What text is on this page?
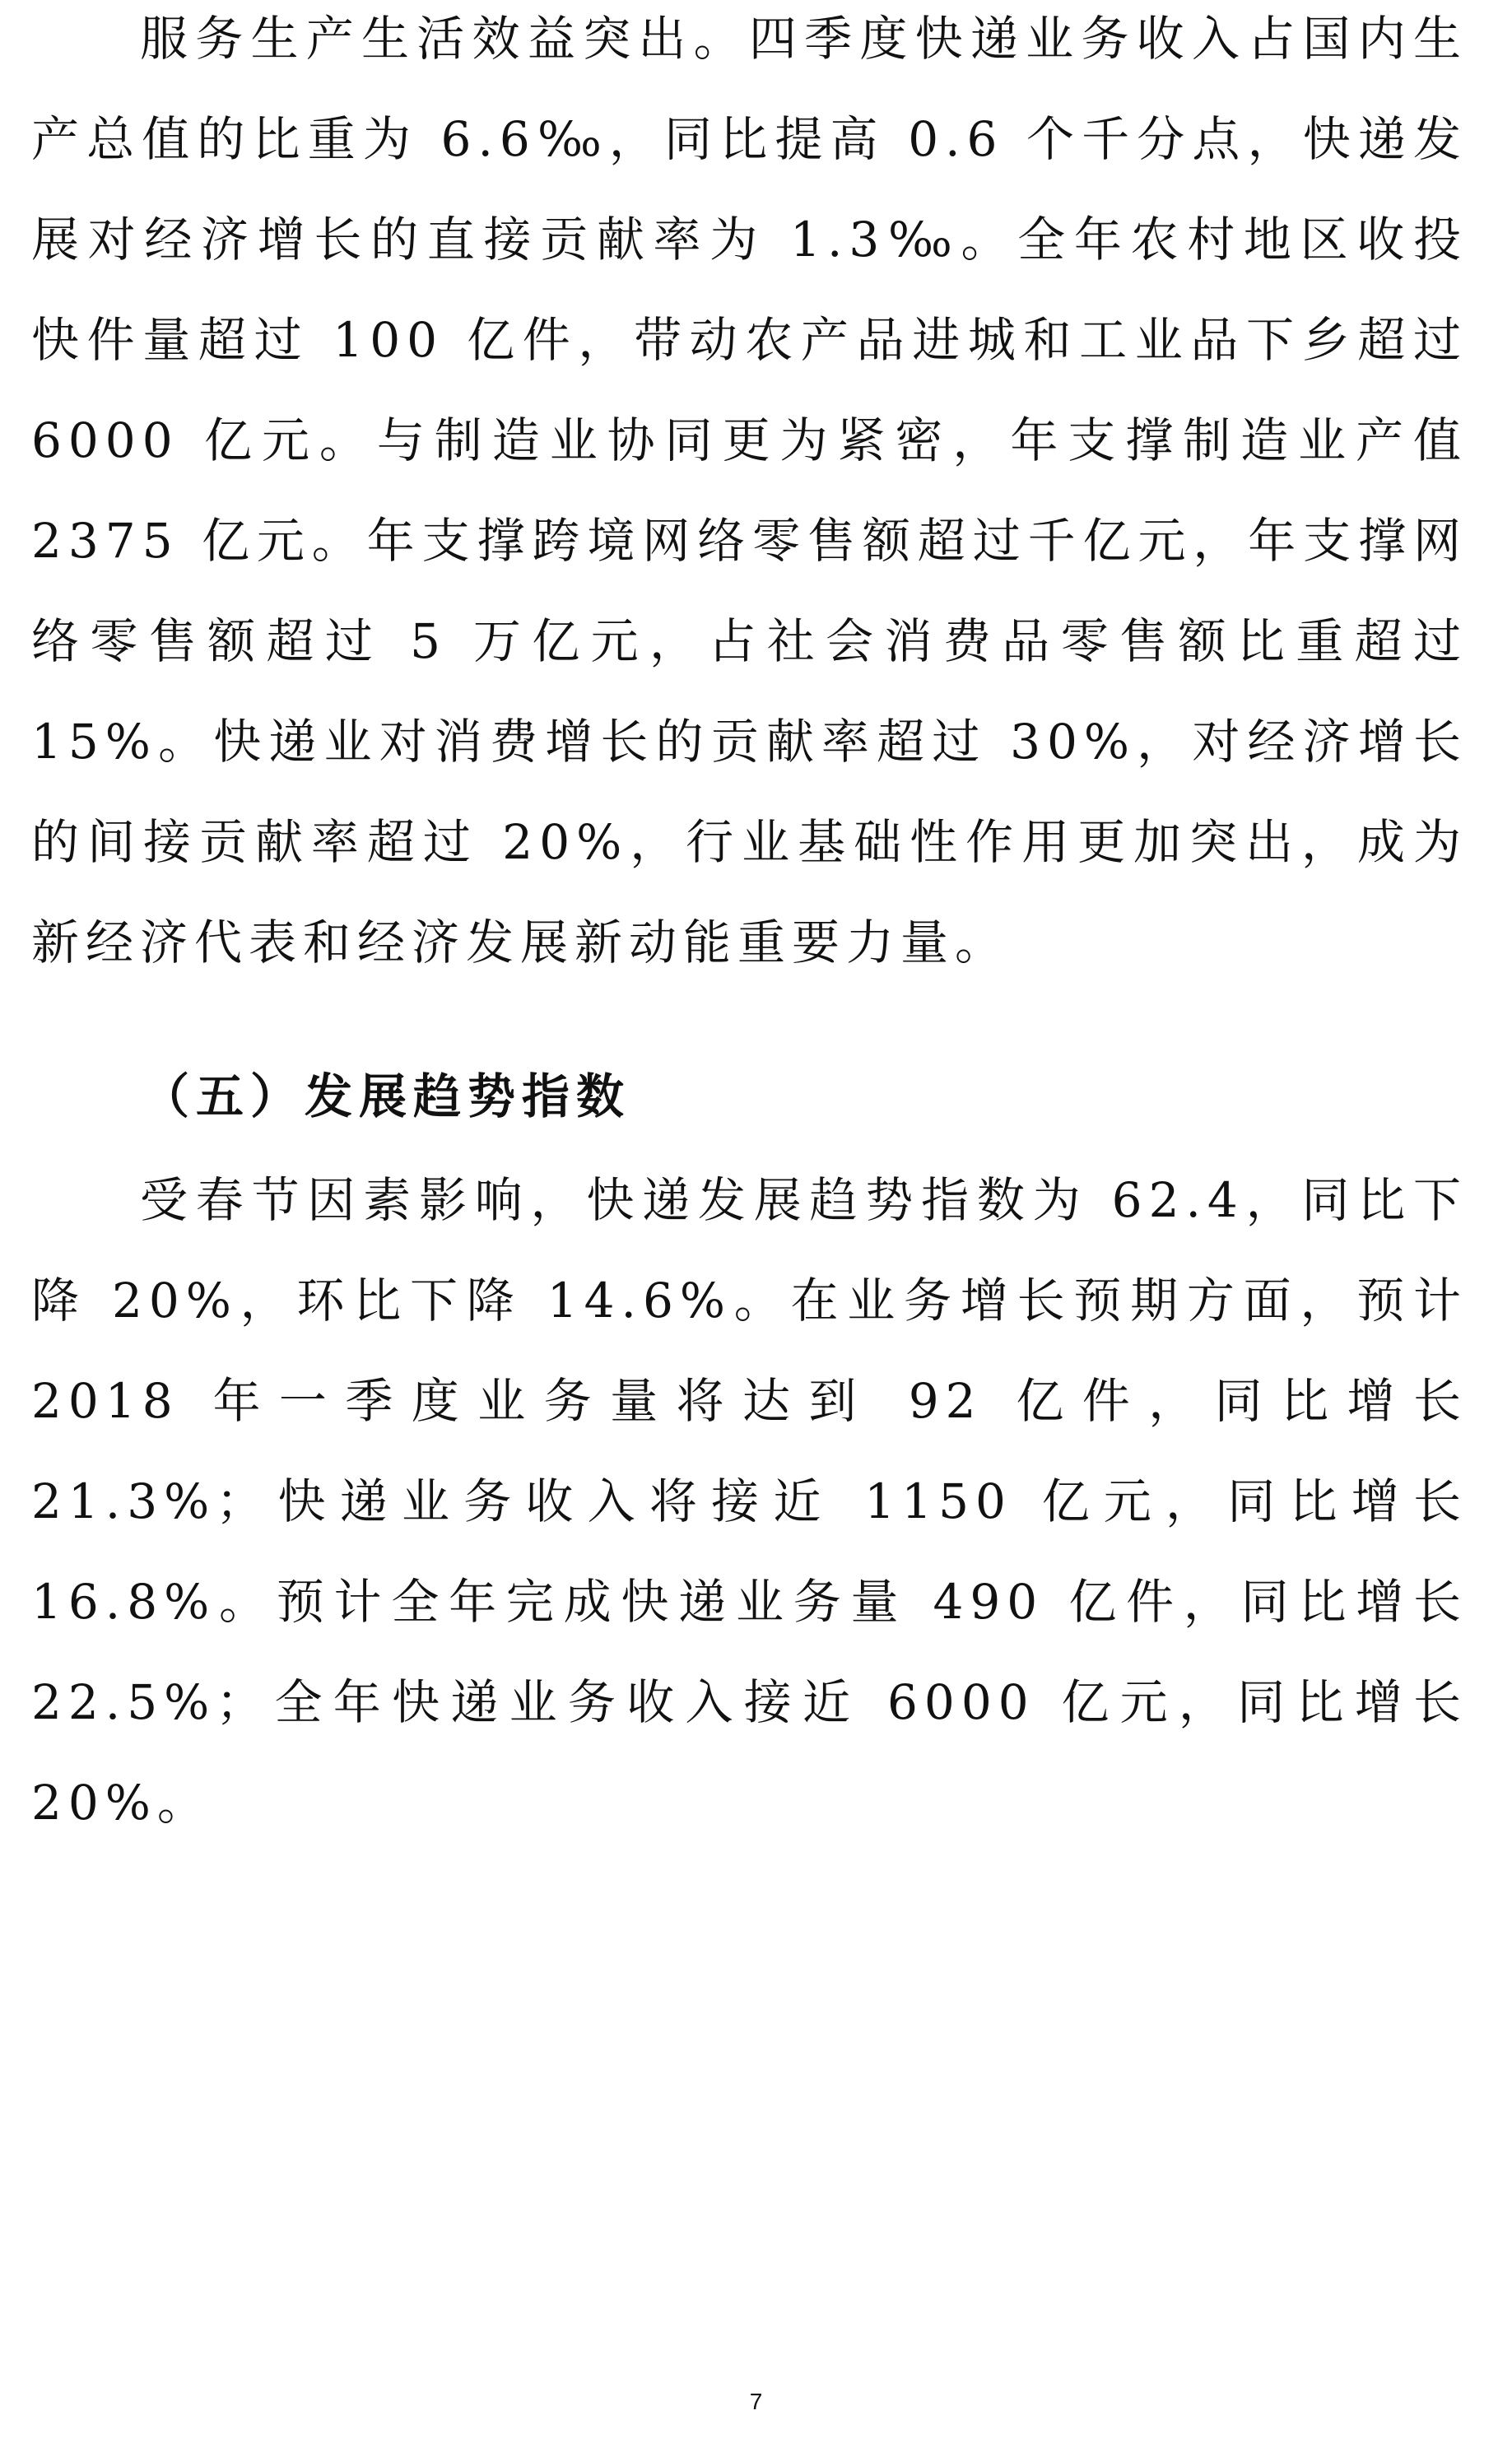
服务生产生活效益突出。四季度快递业务收入占国内生产总值的比重为 6.6‰，同比提高 0.6 个千分点，快递发展对经济增长的直接贡献率为 1.3‰。全年农村地区收投快件量超过 100 亿件，带动农产品进城和工业品下乡超过 6000 亿元。与制造业协同更为紧密，年支撑制造业产值 2375 亿元。年支撑跨境网络零售额超过千亿元，年支撑网络零售额超过 5 万亿元，占社会消费品零售额比重超过 15%。快递业对消费增长的贡献率超过 30%，对经济增长的间接贡献率超过 20%，行业基础性作用更加突出，成为新经济代表和经济发展新动能重要力量。

（五）发展趋势指数

受春节因素影响，快递发展趋势指数为 62.4，同比下降 20%，环比下降 14.6%。在业务增长预期方面，预计 2018 年一季度业务量将达到 92 亿件，同比增长 21.3%；快递业务收入将接近 1150 亿元，同比增长 16.8%。预计全年完成快递业务量 490 亿件，同比增长 22.5%；全年快递业务收入接近 6000 亿元，同比增长 20%。

7
